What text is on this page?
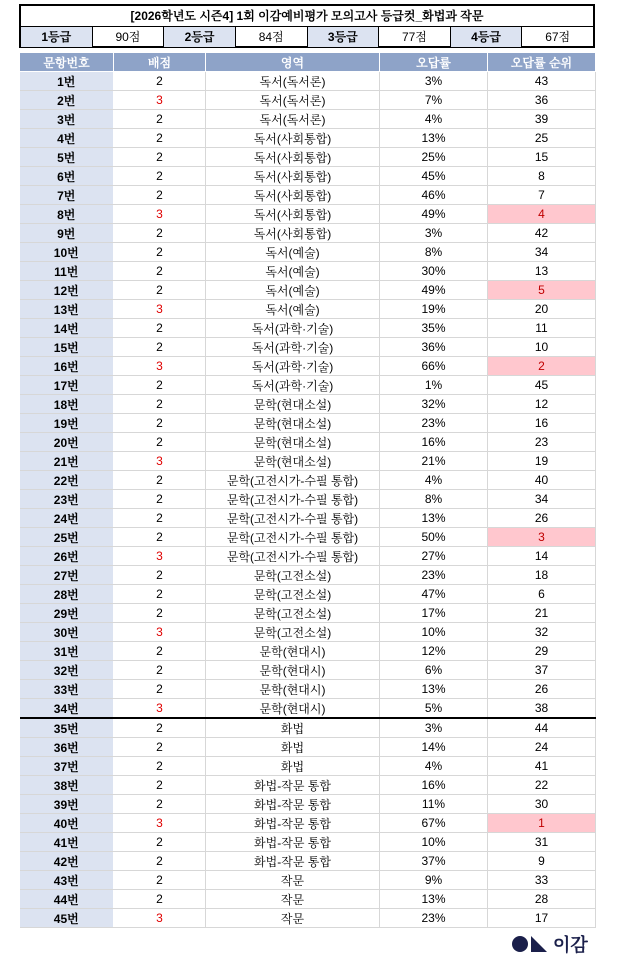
[2026학년도 시즌4] 1회 이감예비평가 모의고사 등급컷_화법과 작문
1등급	90점	2등급	84점	3등급	77점	4등급	67점
문항번호	배점	영역	오답률	오답률 순위
1번	2	독서(독서론)	3%	43
2번	3	독서(독서론)	7%	36
3번	2	독서(독서론)	4%	39
4번	2	독서(사회통합)	13%	25
5번	2	독서(사회통합)	25%	15
6번	2	독서(사회통합)	45%	8
7번	2	독서(사회통합)	46%	7
8번	3	독서(사회통합)	49%	4
9번	2	독서(사회통합)	3%	42
10번	2	독서(예술)	8%	34
11번	2	독서(예술)	30%	13
12번	2	독서(예술)	49%	5
13번	3	독서(예술)	19%	20
14번	2	독서(과학·기술)	35%	11
15번	2	독서(과학·기술)	36%	10
16번	3	독서(과학·기술)	66%	2
17번	2	독서(과학·기술)	1%	45
18번	2	문학(현대소설)	32%	12
19번	2	문학(현대소설)	23%	16
20번	2	문학(현대소설)	16%	23
21번	3	문학(현대소설)	21%	19
22번	2	문학(고전시가-수필 통합)	4%	40
23번	2	문학(고전시가-수필 통합)	8%	34
24번	2	문학(고전시가-수필 통합)	13%	26
25번	2	문학(고전시가-수필 통합)	50%	3
26번	3	문학(고전시가-수필 통합)	27%	14
27번	2	문학(고전소설)	23%	18
28번	2	문학(고전소설)	47%	6
29번	2	문학(고전소설)	17%	21
30번	3	문학(고전소설)	10%	32
31번	2	문학(현대시)	12%	29
32번	2	문학(현대시)	6%	37
33번	2	문학(현대시)	13%	26
34번	3	문학(현대시)	5%	38
35번	2	화법	3%	44
36번	2	화법	14%	24
37번	2	화법	4%	41
38번	2	화법-작문 통합	16%	22
39번	2	화법-작문 통합	11%	30
40번	3	화법-작문 통합	67%	1
41번	2	화법-작문 통합	10%	31
42번	2	화법-작문 통합	37%	9
43번	2	작문	9%	33
44번	2	작문	13%	28
45번	3	작문	23%	17
이감
